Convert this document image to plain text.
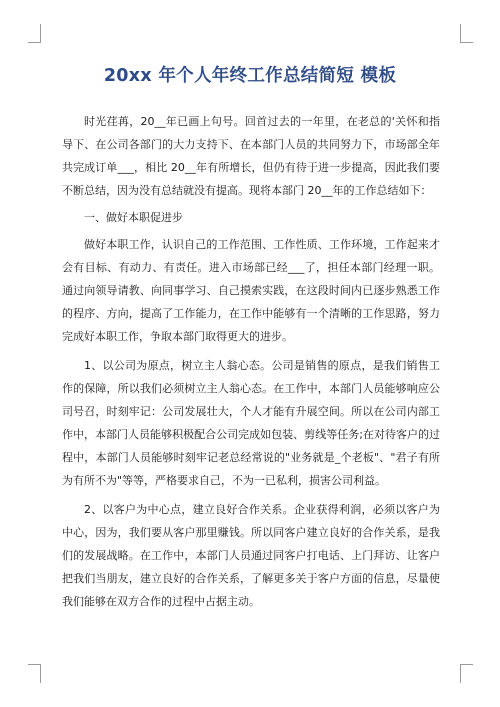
20xx 年个人年终工作总结简短 模板

时光荏苒，20__年已画上句号。回首过去的一年里，在老总的'关怀和指导下、在公司各部门的大力支持下、在本部门人员的共同努力下，市场部全年共完成订单___，相比 20__年有所增长，但仍有待于进一步提高，因此我们要不断总结，因为没有总结就没有提高。现将本部门 20__年的工作总结如下：

一、做好本职促进步

做好本职工作，认识自己的工作范围、工作性质、工作环境，工作起来才会有目标、有动力、有责任。进入市场部已经___了，担任本部门经理一职。通过向领导请教、向同事学习、自己摸索实践，在这段时间内已逐步熟悉工作的程序、方向，提高了工作能力，在工作中能够有一个清晰的工作思路，努力完成好本职工作，争取本部门取得更大的进步。

1、以公司为原点，树立主人翁心态。公司是销售的原点，是我们销售工作的保障，所以我们必须树立主人翁心态。在工作中，本部门人员能够响应公司号召，时刻牢记：公司发展壮大，个人才能有升展空间。所以在公司内部工作中，本部门人员能够积极配合公司完成如包装、剪线等任务;在对待客户的过程中，本部门人员能够时刻牢记老总经常说的"业务就是_个老板"、"君子有所为有所不为"等等，严格要求自己，不为一已私利，损害公司利益。

2、以客户为中心点，建立良好合作关系。企业获得利润，必须以客户为中心，因为，我们要从客户那里赚钱。所以同客户建立良好的合作关系，是我们的发展战略。在工作中，本部门人员通过同客户打电话、上门拜访、让客户把我们当朋友，建立良好的合作关系，了解更多关于客户方面的信息，尽量使我们能够在双方合作的过程中占据主动。
